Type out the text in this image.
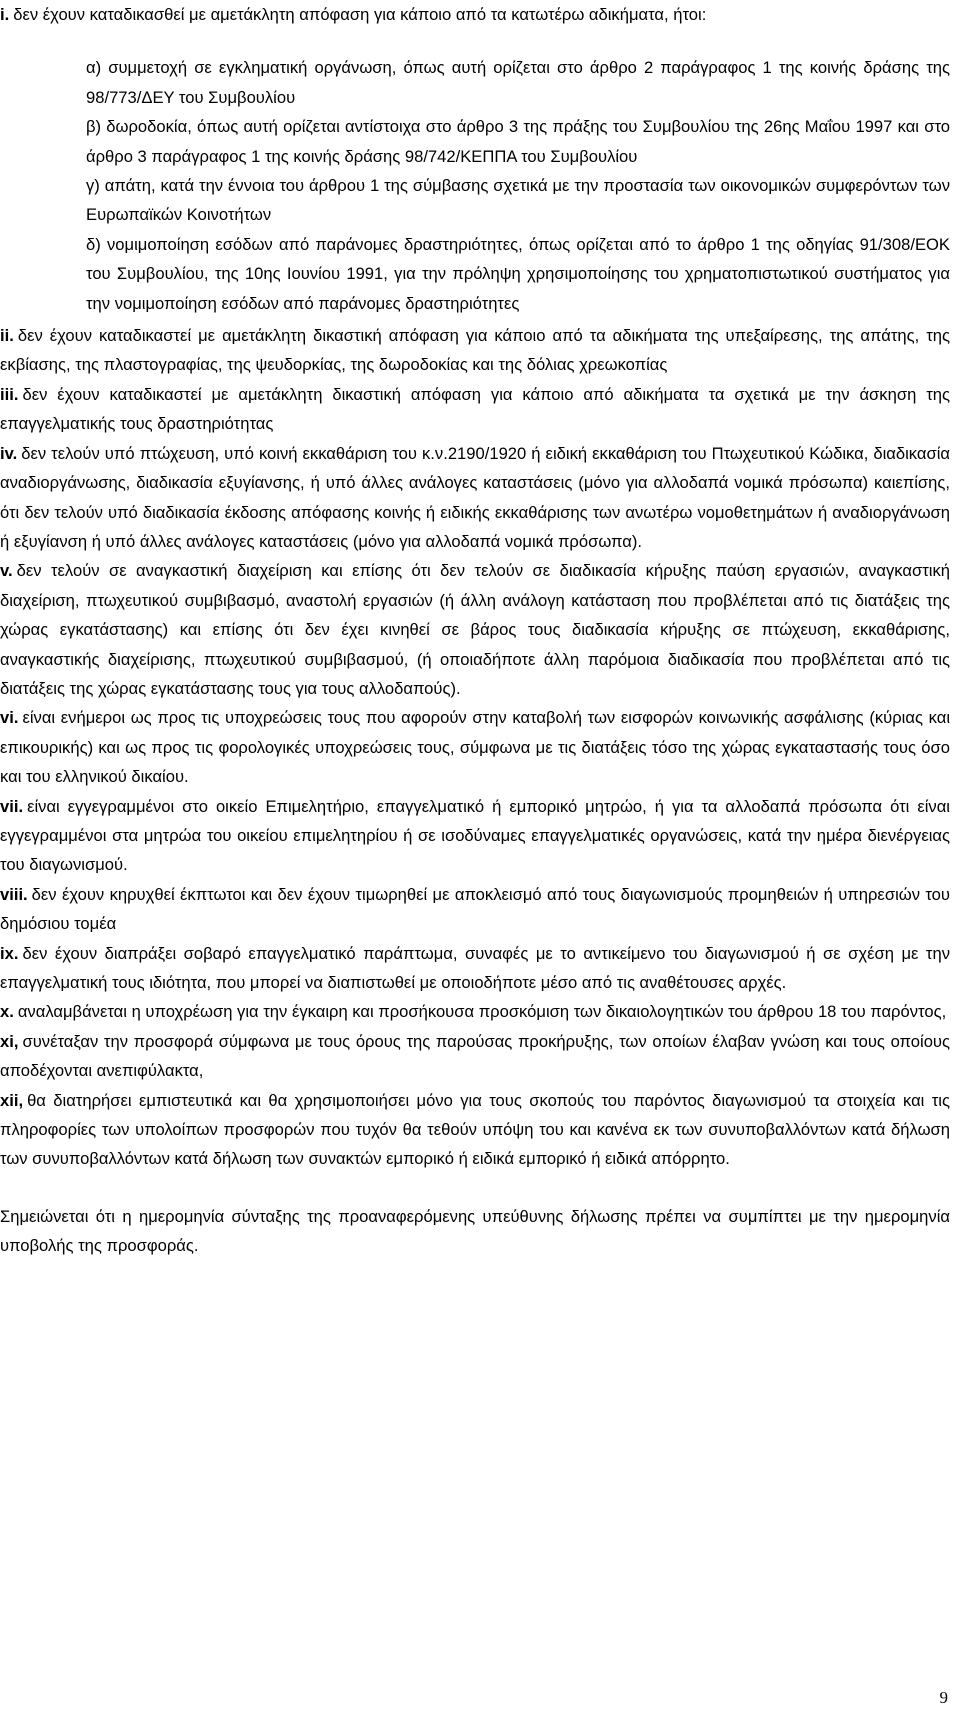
i. δεν έχουν καταδικασθεί με αμετάκλητη απόφαση για κάποιο από τα κατωτέρω αδικήματα, ήτοι:

α) συμμετοχή σε εγκληματική οργάνωση, όπως αυτή ορίζεται στο άρθρο 2 παράγραφος 1 της κοινής δράσης της 98/773/ΔΕΥ του Συμβουλίου

β) δωροδοκία, όπως αυτή ορίζεται αντίστοιχα στο άρθρο 3 της πράξης του Συμβουλίου της 26ης Μαΐου 1997 και στο άρθρο 3 παράγραφος 1 της κοινής δράσης 98/742/ΚΕΠΠΑ του Συμβουλίου

γ) απάτη, κατά την έννοια του άρθρου 1 της σύμβασης σχετικά με την προστασία των οικονομικών συμφερόντων των Ευρωπαϊκών Κοινοτήτων

δ) νομιμοποίηση εσόδων από παράνομες δραστηριότητες, όπως ορίζεται από το άρθρο 1 της οδηγίας 91/308/ΕΟΚ του Συμβουλίου, της 10ης Ιουνίου 1991, για την πρόληψη χρησιμοποίησης του χρηματοπιστωτικού συστήματος για την νομιμοποίηση εσόδων από παράνομες δραστηριότητες

ii. δεν έχουν καταδικαστεί με αμετάκλητη δικαστική απόφαση για κάποιο από τα αδικήματα της υπεξαίρεσης, της απάτης, της εκβίασης, της πλαστογραφίας, της ψευδορκίας, της δωροδοκίας και της δόλιας χρεωκοπίας

iii. δεν έχουν καταδικαστεί με αμετάκλητη δικαστική απόφαση για κάποιο από αδικήματα τα σχετικά με την άσκηση της επαγγελματικής τους δραστηριότητας

iv. δεν τελούν υπό πτώχευση, υπό κοινή εκκαθάριση του κ.ν.2190/1920 ή ειδική εκκαθάριση του Πτωχευτικού Κώδικα, διαδικασία αναδιοργάνωσης, διαδικασία εξυγίανσης, ή υπό άλλες ανάλογες καταστάσεις (μόνο για αλλοδαπά νομικά πρόσωπα) καιεπίσης, ότι δεν τελούν υπό διαδικασία έκδοσης απόφασης κοινής ή ειδικής εκκαθάρισης των ανωτέρω νομοθετημάτων ή αναδιοργάνωση ή εξυγίανση ή υπό άλλες ανάλογες καταστάσεις (μόνο για αλλοδαπά νομικά πρόσωπα).

v. δεν τελούν σε αναγκαστική διαχείριση και επίσης ότι δεν τελούν σε διαδικασία κήρυξης παύση εργασιών, αναγκαστική διαχείριση, πτωχευτικού συμβιβασμό, αναστολή εργασιών (ή άλλη ανάλογη κατάσταση που προβλέπεται από τις διατάξεις της χώρας εγκατάστασης) και επίσης ότι δεν έχει κινηθεί σε βάρος τους διαδικασία κήρυξης σε πτώχευση, εκκαθάρισης, αναγκαστικής διαχείρισης, πτωχευτικού συμβιβασμού, (ή οποιαδήποτε άλλη παρόμοια διαδικασία που προβλέπεται από τις διατάξεις της χώρας εγκατάστασης τους για τους αλλοδαπούς).

vi. είναι ενήμεροι ως προς τις υποχρεώσεις τους που αφορούν στην καταβολή των εισφορών κοινωνικής ασφάλισης (κύριας και επικουρικής) και ως προς τις φορολογικές υποχρεώσεις τους, σύμφωνα με τις διατάξεις τόσο της χώρας εγκαταστασής τους όσο και του ελληνικού δικαίου.

vii. είναι εγγεγραμμένοι στο οικείο Επιμελητήριο, επαγγελματικό ή εμπορικό μητρώο, ή για τα αλλοδαπά πρόσωπα ότι είναι εγγεγραμμένοι στα μητρώα του οικείου επιμελητηρίου ή σε ισοδύναμες επαγγελματικές οργανώσεις, κατά την ημέρα διενέργειας του διαγωνισμού.

viii. δεν έχουν κηρυχθεί έκπτωτοι και δεν έχουν τιμωρηθεί με αποκλεισμό από τους διαγωνισμούς προμηθειών ή υπηρεσιών του δημόσιου τομέα

ix. δεν έχουν διαπράξει σοβαρό επαγγελματικό παράπτωμα, συναφές με το αντικείμενο του διαγωνισμού ή σε σχέση με την επαγγελματική τους ιδιότητα, που μπορεί να διαπιστωθεί με οποιοδήποτε μέσο από τις αναθέτουσες αρχές.

x. αναλαμβάνεται η υποχρέωση για την έγκαιρη και προσήκουσα προσκόμιση των δικαιολογητικών του άρθρου 18 του παρόντος,

xi, συνέταξαν την προσφορά σύμφωνα με τους όρους της παρούσας προκήρυξης, των οποίων έλαβαν γνώση και τους οποίους αποδέχονται ανεπιφύλακτα,

xii, θα διατηρήσει εμπιστευτικά και θα χρησιμοποιήσει μόνο για τους σκοπούς του παρόντος διαγωνισμού τα στοιχεία και τις πληροφορίες των υπολοίπων προσφορών που τυχόν θα τεθούν υπόψη του και κανένα εκ των συνυποβαλλόντων κατά δήλωση των συνυποβαλλόντων κατά δήλωση των συνακτών εμπορικό ή ειδικά εμπορικό ή ειδικά απόρρητο.

Σημειώνεται ότι η ημερομηνία σύνταξης της προαναφερόμενης υπεύθυνης δήλωσης πρέπει να συμπίπτει με την ημερομηνία υποβολής της προσφοράς.

9
